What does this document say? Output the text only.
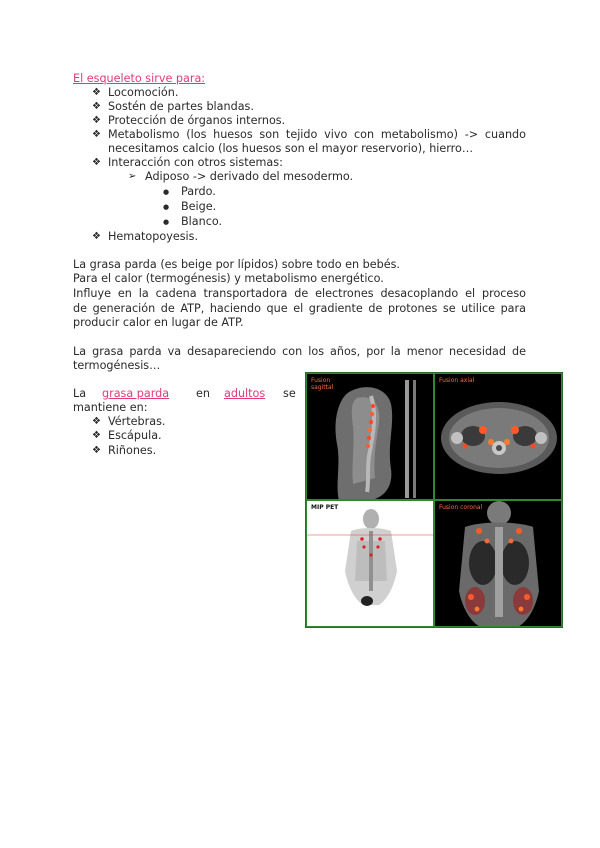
El esqueleto sirve para:
❖ Locomoción.
❖ Sostén de partes blandas.
❖ Protección de órganos internos.
❖ Metabolismo (los huesos son tejido vivo con metabolismo) -> cuando
necesitamos calcio (los huesos son el mayor reservorio), hierro…
❖ Interacción con otros sistemas:
➢ Adiposo -> derivado del mesodermo.
● Pardo.
● Beige.
● Blanco.
❖ Hematopoyesis.
La grasa parda (es beige por lípidos) sobre todo en bebés.
Para el calor (termogénesis) y metabolismo energético.
Influye en la cadena transportadora de electrones desacoplando el proceso
de generación de ATP, haciendo que el gradiente de protones se utilice para
producir calor en lugar de ATP.
La grasa parda va desapareciendo con los años, por la menor necesidad de
termogénesis…
La grasa parda en adultos se
mantiene en:
❖ Vértebras.
❖ Escápula.
❖ Riñones.
Fusion
sagittal
Fusion axial
MIP PET	Fusion coronal
